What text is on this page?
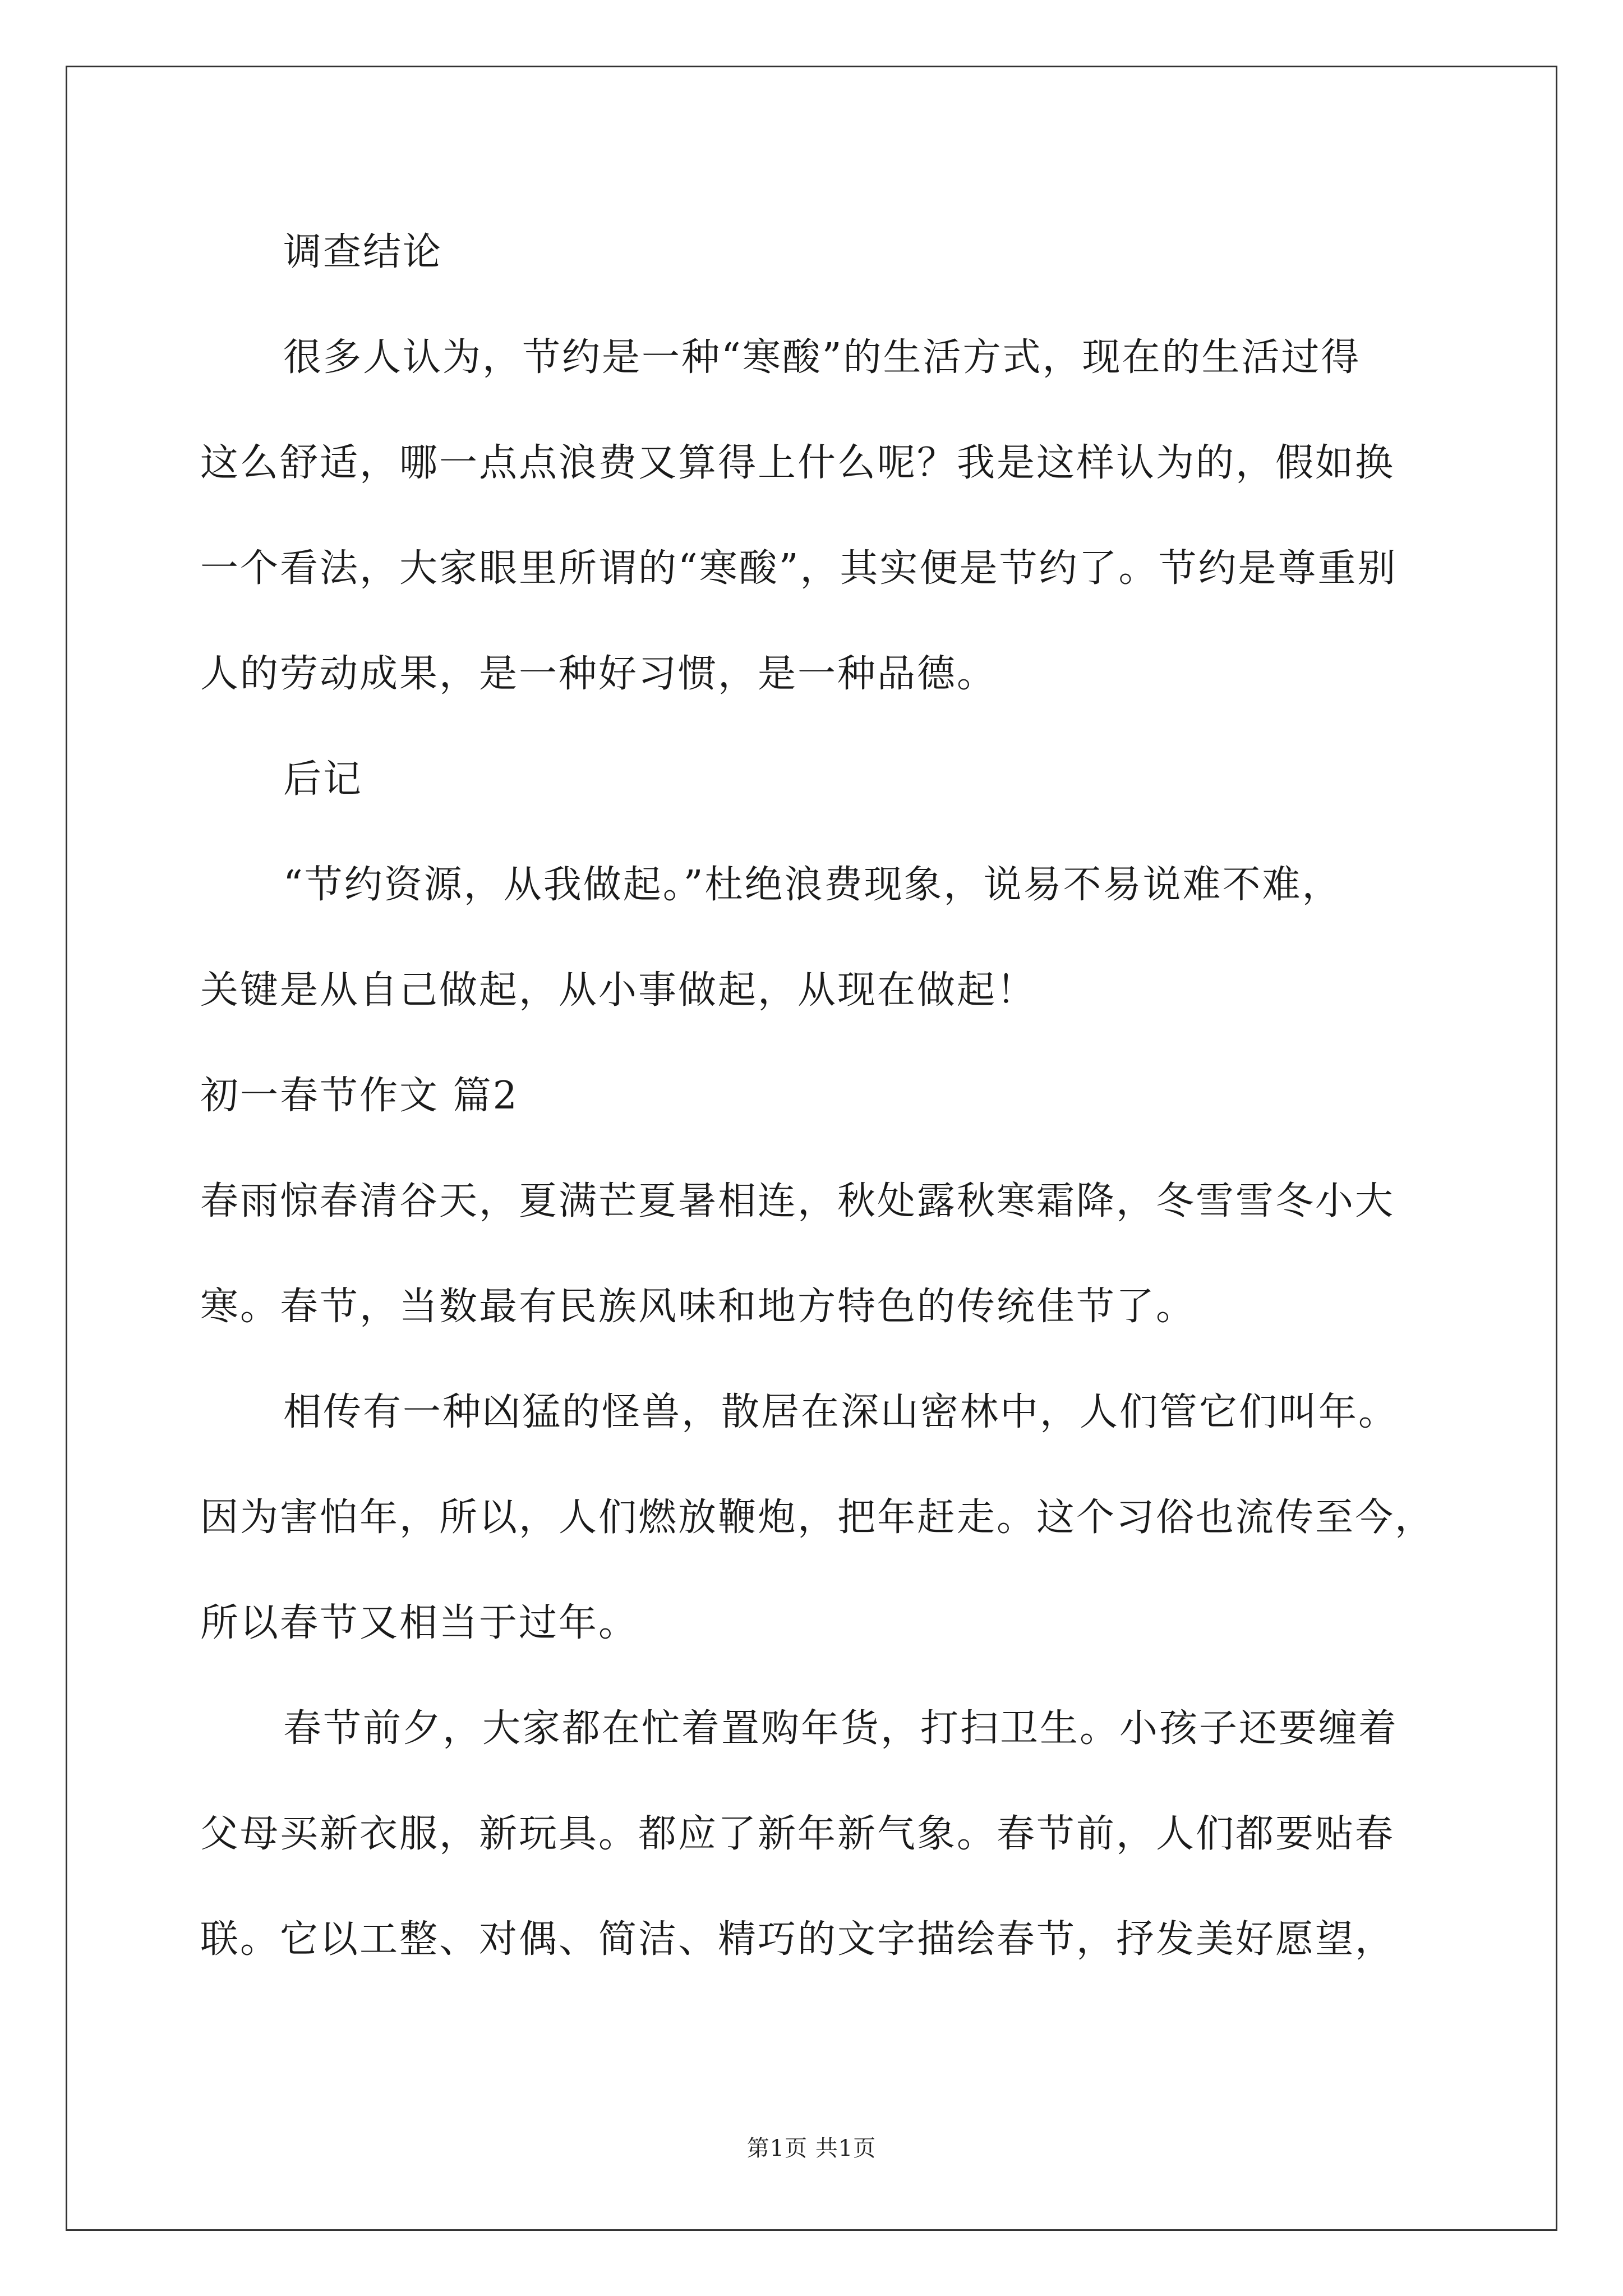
调查结论
很多人认为，节约是一种“寒酸”的生活方式，现在的生活过得
这么舒适，哪一点点浪费又算得上什么呢？我是这样认为的，假如换
一个看法，大家眼里所谓的“寒酸”，其实便是节约了。节约是尊重别
人的劳动成果，是一种好习惯，是一种品德。
后记
“节约资源，从我做起。”杜绝浪费现象，说易不易说难不难，
关键是从自己做起，从小事做起，从现在做起！
初一春节作文 篇2
春雨惊春清谷天，夏满芒夏暑相连，秋处露秋寒霜降，冬雪雪冬小大
寒。春节，当数最有民族风味和地方特色的传统佳节了。
相传有一种凶猛的怪兽，散居在深山密林中，人们管它们叫年。
因为害怕年，所以，人们燃放鞭炮，把年赶走。这个习俗也流传至今，
所以春节又相当于过年。
春节前夕，大家都在忙着置购年货，打扫卫生。小孩子还要缠着
父母买新衣服，新玩具。都应了新年新气象。春节前，人们都要贴春
联。它以工整、对偶、简洁、精巧的文字描绘春节，抒发美好愿望，
第1页 共1页
